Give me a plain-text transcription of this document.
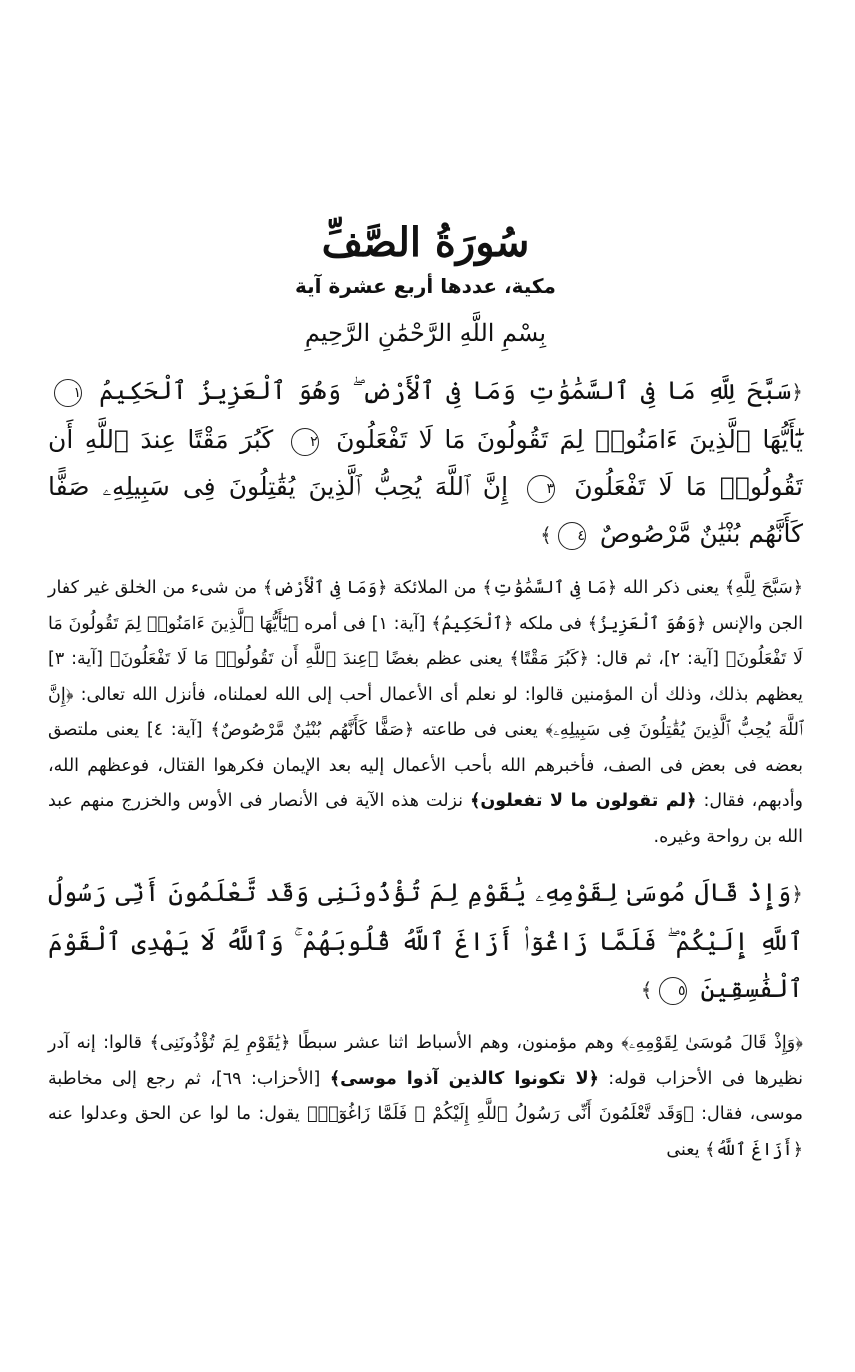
سُورَةُ الصَّفِّ

مكية، عددها أربع عشرة آية

بِسْمِ اللَّهِ الرَّحْمَٰنِ الرَّحِيمِ

﴿سَبَّحَ لِلَّهِ مَا فِى ٱلسَّمَٰوَٰتِ وَمَا فِى ٱلْأَرْضِ ۖ وَهُوَ ٱلْعَزِيزُ ٱلْحَكِيمُ ١ يَٰٓأَيُّهَا ٱلَّذِينَ ءَامَنُوا۟ لِمَ تَقُولُونَ مَا لَا تَفْعَلُونَ ٢ كَبُرَ مَقْتًا عِندَ ٱللَّهِ أَن تَقُولُوا۟ مَا لَا تَفْعَلُونَ ٣ إِنَّ ٱللَّهَ يُحِبُّ ٱلَّذِينَ يُقَٰتِلُونَ فِى سَبِيلِهِۦ صَفًّا كَأَنَّهُم بُنْيَٰنٌ مَّرْصُوصٌ ٤﴾

﴿سَبَّحَ لِلَّهِ﴾ يعنى ذكر الله ﴿مَا فِى ٱلسَّمَٰوَٰتِ﴾ من الملائكة ﴿وَمَا فِى ٱلْأَرْضِ﴾ من شىء من الخلق غير كفار الجن والإنس ﴿وَهُوَ ٱلْعَزِيزُ﴾ فى ملكه ﴿ٱلْحَكِيمُ﴾ [آية: ١] فى أمره ﴿يَٰٓأَيُّهَا ٱلَّذِينَ ءَامَنُوا۟ لِمَ تَقُولُونَ مَا لَا تَفْعَلُونَ﴾ [آية: ٢]، ثم قال: ﴿كَبُرَ مَقْتًا﴾ يعنى عظم بغضًا ﴿عِندَ ٱللَّهِ أَن تَقُولُوا۟ مَا لَا تَفْعَلُونَ﴾ [آية: ٣] يعظهم بذلك، وذلك أن المؤمنين قالوا: لو نعلم أى الأعمال أحب إلى الله لعملناه، فأنزل الله تعالى: ﴿إِنَّ ٱللَّهَ يُحِبُّ ٱلَّذِينَ يُقَٰتِلُونَ فِى سَبِيلِهِۦ﴾ يعنى فى طاعته ﴿صَفًّا كَأَنَّهُم بُنْيَٰنٌ مَّرْصُوصٌ﴾ [آية: ٤] يعنى ملتصق بعضه فى بعض فى الصف، فأخبرهم الله بأحب الأعمال إليه بعد الإيمان فكرهوا القتال، فوعظهم الله، وأدبهم، فقال: ﴿لم تقولون ما لا تفعلون﴾ نزلت هذه الآية فى الأنصار فى الأوس والخزرج منهم عبد الله بن رواحة وغيره.

﴿وَإِذْ قَالَ مُوسَىٰ لِقَوْمِهِۦ يَٰقَوْمِ لِمَ تُؤْذُونَنِى وَقَد تَّعْلَمُونَ أَنِّى رَسُولُ ٱللَّهِ إِلَيْكُمْ ۖ فَلَمَّا زَاغُوٓا۟ أَزَاغَ ٱللَّهُ قُلُوبَهُمْ ۚ وَٱللَّهُ لَا يَهْدِى ٱلْقَوْمَ ٱلْفَٰسِقِينَ ٥﴾

﴿وَإِذْ قَالَ مُوسَىٰ لِقَوْمِهِۦ﴾ وهم مؤمنون، وهم الأسباط اثنا عشر سبطًا ﴿يَٰقَوْمِ لِمَ تُؤْذُونَنِى﴾ قالوا: إنه آدر نظيرها فى الأحزاب قوله: ﴿لا تكونوا كالذين آذوا موسى﴾ [الأحزاب: ٦٩]، ثم رجع إلى مخاطبة موسى، فقال: ﴿وَقَد تَّعْلَمُونَ أَنِّى رَسُولُ ٱللَّهِ إِلَيْكُمْ ۖ فَلَمَّا زَاغُوٓا۟﴾ يقول: ما لوا عن الحق وعدلوا عنه ﴿أَزَاغَ ٱللَّهُ﴾ يعنى
